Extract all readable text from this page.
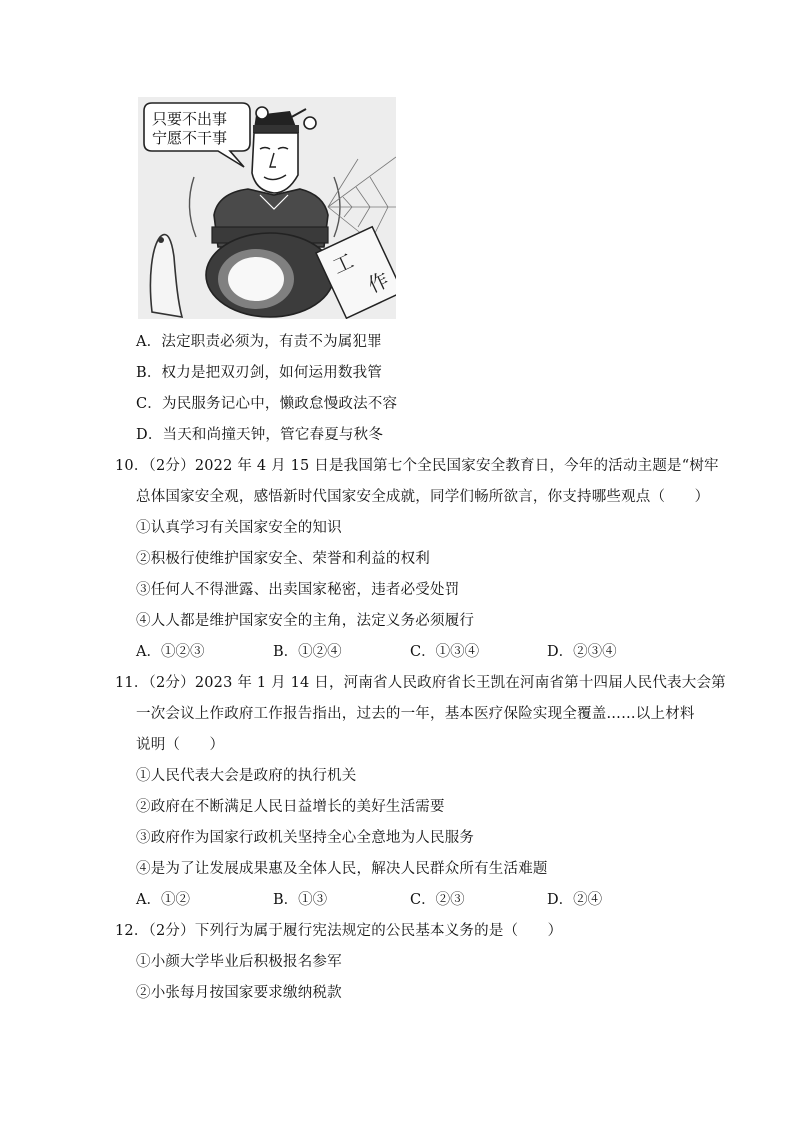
只要不出事
宁愿不干事
工
作
A．法定职责必须为，有责不为属犯罪
B．权力是把双刃剑，如何运用数我管
C．为民服务记心中，懒政怠慢政法不容
D．当天和尚撞天钟，管它春夏与秋冬
10．（2分）2022 年 4 月 15 日是我国第七个全民国家安全教育日，今年的活动主题是“树牢
总体国家安全观，感悟新时代国家安全成就，同学们畅所欲言，你支持哪些观点（　　）
①认真学习有关国家安全的知识
②积极行使维护国家安全、荣誉和利益的权利
③任何人不得泄露、出卖国家秘密，违者必受处罚
④人人都是维护国家安全的主角，法定义务必须履行
A．①②③	B．①②④	C．①③④	D．②③④
11．（2分）2023 年 1 月 14 日，河南省人民政府省长王凯在河南省第十四届人民代表大会第
一次会议上作政府工作报告指出，过去的一年，基本医疗保险实现全覆盖……以上材料
说明（　　）
①人民代表大会是政府的执行机关
②政府在不断满足人民日益增长的美好生活需要
③政府作为国家行政机关坚持全心全意地为人民服务
④是为了让发展成果惠及全体人民，解决人民群众所有生活难题
A．①②	B．①③	C．②③	D．②④
12．（2分）下列行为属于履行宪法规定的公民基本义务的是（　　）
①小颜大学毕业后积极报名参军
②小张每月按国家要求缴纳税款
